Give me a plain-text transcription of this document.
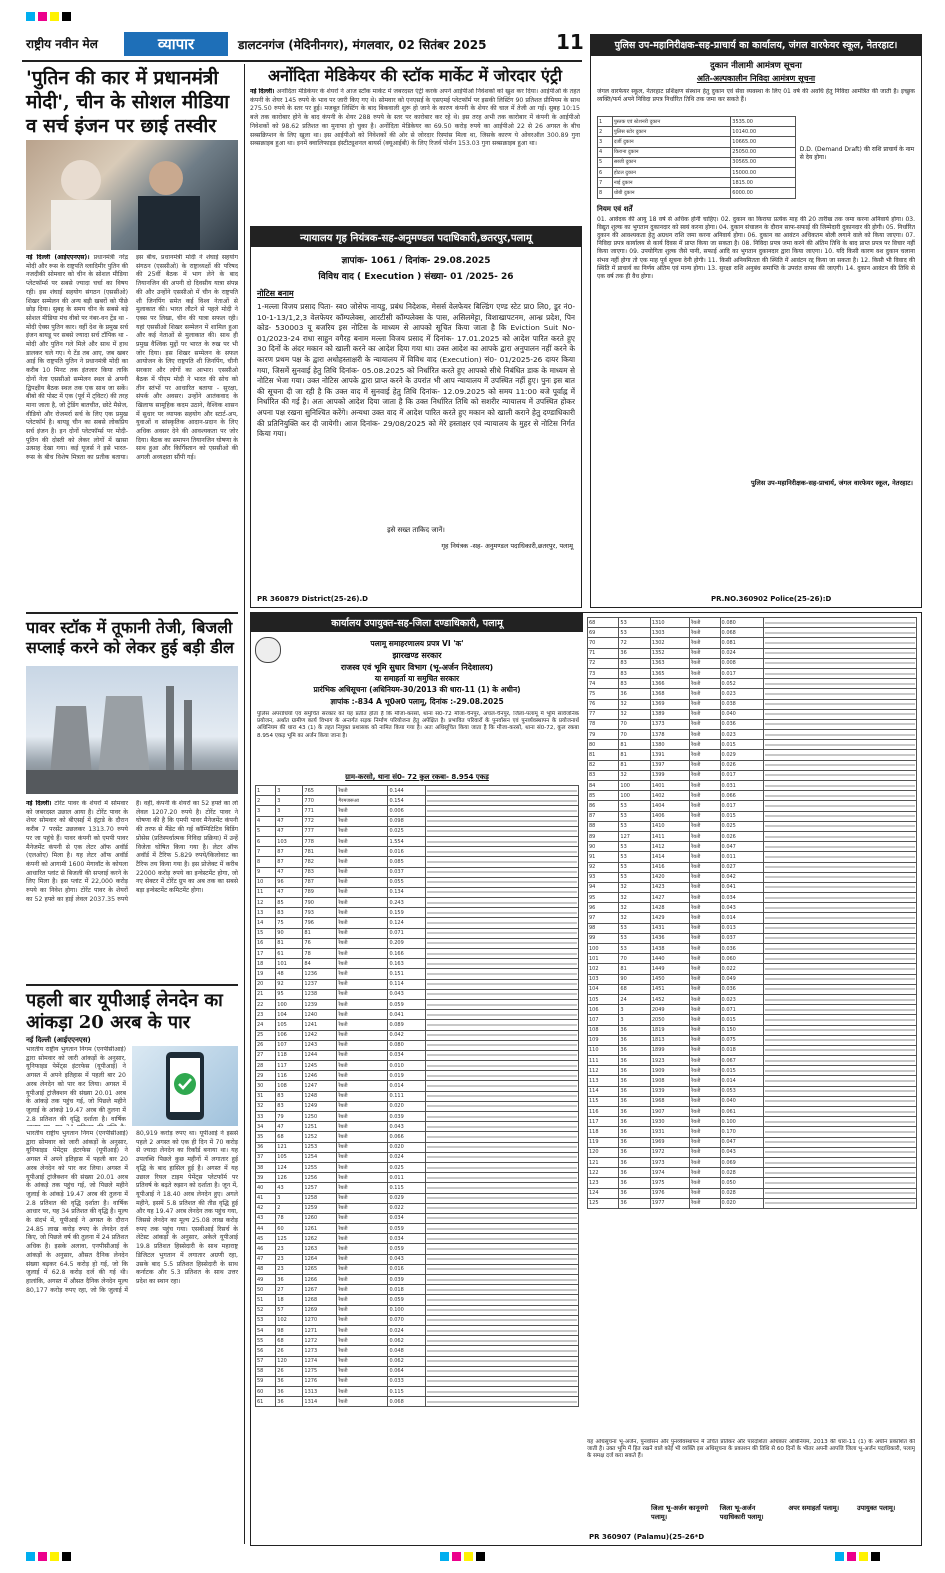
राष्ट्रीय नवीन मेल	व्यापार	डालटनगंज (मेदिनीनगर), मंगलवार, 02 सितंबर 2025	11
'पुतिन की कार में प्रधानमंत्री मोदी', चीन के सोशल मीडिया व सर्च इंजन पर छाई तस्वीर
नई दिल्ली (आईएएनएस)। प्रधानमंत्री नरेंद्र मोदी और रूस के राष्ट्रपति व्लादिमीर पुतिन की नजदीकी सोमवार को चीन के सोशल मीडिया प्लेटफॉर्म्स पर सबसे ज्यादा चर्चा का विषय रही। इस शंघाई सहयोग संगठन (एससीओ) शिखर सम्मेलन की अन्य बड़ी खबरों को पीछे छोड़ दिया। सुबह के समय चीन के सबसे बड़े सोशल मीडिया मंच वीबो पर नंबर-वन ट्रेंड था - मोदी ऐक्स पुतिन कार। वहीं देश के प्रमुख सर्च इंजन बायडू पर सबसे ज्यादा सर्च टॉपिक था - मोदी और पुतिन गले मिले और साथ में हाथ डालकर चले गए। ये टेंड तब आए, जब खबर आई कि राष्ट्रपति पुतिन ने प्रधानमंत्री मोदी का करीब 10 मिनट तक इंतजार किया ताकि दोनों नेता एससीओ सम्मेलन स्थल से अपनी द्विपक्षीय बैठक स्थल तक एक साथ जा सकें। बीबो की पोस्ट में एक (पूर्व में ट्विटर) की तरह माना जाता है, जो ट्रेडिंग बातचीत, छोटे मैसेज, वीडियो और रोजमर्रा सर्च के लिए एक प्रमुख प्लेटफॉर्म है। बायडू चीन का सबसे लोकप्रिय सर्च इंजन है। इन दोनों प्लेटफॉर्म्स पर मोदी-पुतिन की दोस्ती को लेकर लोगों में खासा उत्साह देखा गया। कई यूजर्स ने इसे भारत-रूस के बीच विशेष मित्रता का प्रतीक बताया। इस बीच, प्रधानमंत्री मोदी ने शंघाई सहयोग संगठन (एससीओ) के राष्ट्राध्यक्षों की परिषद की 25वीं बैठक में भाग लेने के बाद तियानजिन की अपनी दो दिवसीय यात्रा संपन्न की और उन्होंने एससीओ में चीन के राष्ट्रपति शी जिनपिंग समेत कई विश्व नेताओं से मुलाकात की। भारत लौटने से पहले मोदी ने एक्स पर लिखा, चीन की यात्रा सफल रही। यहां एससीओ शिखर सम्मेलन में शामिल हुआ और कई नेताओं से मुलाकात की। साथ ही प्रमुख वैश्विक मुद्दों पर भारत के रुख पर भी जोर दिया। इस शिखर सम्मेलन के सफल आयोजन के लिए राष्ट्रपति शी जिनपिंग, चीनी सरकार और लोगों का आभार। एससीओ बैठक में पीएम मोदी ने भारत की सोच को तीन स्तंभों पर आधारित बताया - सुरक्षा, संपर्क और अवसर। उन्होंने आतंकवाद के खिलाफ सामूहिक कदम उठाने, वैश्विक शासन में सुधार पर व्यापक सहयोग और स्टार्ट-अप, युवाओं व सांस्कृतिक आदान-प्रदान के लिए अधिक अवसर देने की आवश्यकता पर जोर दिया। बैठक का समापन तियानजिन घोषणा के साथ हुआ और किर्गिस्तान को एससीओ की अगली अध्यक्षता सौंपी गई।
पावर स्टॉक में तूफानी तेजी, बिजली सप्लाई करने को लेकर हुई बड़ी डील
नई दिल्ली। टोरेंट पावर के शेयरों में सोमवार को जबरदस्त उछाल आया है। टोरेंट पावर के शेयर सोमवार को बीएसई में इंट्राडे के दौरान करीब 7 परसेंट उछलकर 1313.70 रुपये पर जा पहुंचे हैं। पावर कंपनी को एमपी पावर मैनेजमेंट कंपनी से एक लेटर ऑफ अवॉर्ड (एलओए) मिला है। यह लेटर ऑफ अवॉर्ड कंपनी को आगामी 1600 मेगावॉट के कोयला आधारित प्लांट से बिजली की सप्लाई करने के लिए मिला है। इस प्लांट में 22,000 करोड़ रुपये का निवेश होगा। टोरेंट पावर के शेयरों का 52 हफ्ते का हाई लेवल 2037.35 रुपये है। वहीं, कंपनी के शेयरों का 52 हफ्ते का लो लेवल 1207.20 रुपये है। टोरेंट पावर ने घोषणा की है कि एमपी पावर मैनेजमेंट कंपनी की तरफ से मैंडेट की गई कॉम्पिटिटिव बिडिंग प्रोसेस (प्रतिस्पर्धात्मक निविदा प्रक्रिया) में उन्हें विजेता घोषित किया गया है। लेटर ऑफ अवॉर्ड में टैरिफ 5.829 रुपये/किलोवाट का टैरिफ तय किया गया है। इस प्रोजेक्ट में करीब 22000 करोड़ रुपये का इन्वेस्टमेंट होगा, जो नए सेक्टर में टोरेंट ग्रुप का अब तक का सबसे बड़ा इन्वेस्टमेंट कमिटमेंट होगा।
पहली बार यूपीआई लेनदेन का आंकड़ा 20 अरब के पार
नई दिल्ली (आईएएनएस)
भारतीय राष्ट्रीय भुगतान निगम (एनपीसीआई) द्वारा सोमवार को जारी आंकड़ों के अनुसार, यूनिफाइड पेमेंट्स इंटरफेस (यूपीआई) ने अगस्त में अपने इतिहास में पहली बार 20 अरब लेनदेन को पार कर लिया। अगस्त में यूपीआई ट्रांजैक्शन की संख्या 20.01 अरब के आंकड़े तक पहुंच गई, जो पिछले महीने जुलाई के आंकड़े 19.47 अरब की तुलना में 2.8 प्रतिशत की वृद्धि दर्शाता है। वार्षिक
भारतीय राष्ट्रीय भुगतान निगम (एनपीसीआई) द्वारा सोमवार को जारी आंकड़ों के अनुसार, यूनिफाइड पेमेंट्स इंटरफेस (यूपीआई) ने अगस्त में अपने इतिहास में पहली बार 20 अरब लेनदेन को पार कर लिया। अगस्त में यूपीआई ट्रांजैक्शन की संख्या 20.01 अरब के आंकड़े तक पहुंच गई, जो पिछले महीने जुलाई के आंकड़े 19.47 अरब की तुलना में 2.8 प्रतिशत की वृद्धि दर्शाता है। वार्षिक आधार पर, यह 34 प्रतिशत की वृद्धि है। मूल्य के संदर्भ में, यूपीआई ने अगस्त के दौरान 24.85 लाख करोड़ रुपए के लेनदेन दर्ज किए, जो पिछले वर्ष की तुलना में 24 प्रतिशत अधिक है। इसके अलावा, एनपीसीआई के आंकड़ों के अनुसार, औसत दैनिक लेनदेन संख्या बढ़कर 64.5 करोड़ हो गई, जो कि जुलाई में 62.8 करोड़ दर्ज की गई थी। हालांकि, अगस्त में औसत दैनिक लेनदेन मूल्य 80,177 करोड़ रुपए रहा, जो कि जुलाई में 80,919 करोड़ रुपए था। यूपीआई ने इससे पहले 2 अगस्त को एक ही दिन में 70 करोड़ से ज्यादा लेनदेन का रिकॉर्ड बनाया था। यह उपलब्धि पिछले कुछ महीनों में लगातार हुई वृद्धि के बाद हासिल हुई है। अगस्त में यह उछाल रियल टाइम पेमेंट्स प्लेटफॉर्म पर प्रतिवर्ष के बढ़ते रुझान को दर्शाता है। जून में, यूपीआई ने 18.40 अरब लेनदेन हुए। अगले महीने, इसमें 5.8 प्रतिशत की तीव्र वृद्धि हुई और यह 19.47 अरब लेनदेन तक पहुंच गया, जिससे लेनदेन का मूल्य 25.08 लाख करोड़ रुपए तक पहुंच गया। एसबीआई रिसर्च के लेटेस्ट आंकड़ों के अनुसार, अकेले यूपीआई 19.8 प्रतिशत हिस्सेदारी के साथ महाराष्ट्र डिजिटल भुगतान में लगातार अग्रणी रहा, उसके बाद 5.5 प्रतिशत हिस्सेदारी के साथ कर्नाटक और 5.3 प्रतिशत के साथ उत्तर प्रदेश का स्थान रहा।
अनोंदिता मेडिकेयर की स्टॉक मार्केट में जोरदार एंट्री
नई दिल्ली। अनोंदिता मेडिकेयर के शेयरों ने आज स्टॉक मार्केट में जबरदस्त एंट्री करके अपने आईपीओ निवेशकों को खुश कर दिया। आईपीओ के तहत कंपनी के शेयर 145 रुपये के भाव पर जारी किए गए थे। सोमवार को एनएसई के एसएमई प्लेटफॉर्म पर इसकी लिस्टिंग 90 प्रतिशत प्रीमियम के साथ 275.50 रुपये के स्तर पर हुई। मजबूत लिस्टिंग के बाद बिकवाली शुरू हो जाने के कारण कंपनी के शेयर की चाल में तेजी आ गई। सुबह 10:15 बजे तक कारोबार होने के बाद कंपनी के शेयर 288 रुपये के स्तर पर कारोबार कर रहे थे। इस तरह अभी तक कारोबार में कंपनी के आईपीओ निवेशकों को 98.62 प्रतिशत का मुनाफा हो चुका है। अनोंदिता मेडिकेयर का 69.50 करोड़ रुपये का आईपीओ 22 से 26 अगस्त के बीच सब्सक्रिप्शन के लिए खुला था। इस आईपीओ को निवेशकों की ओर से जोरदार रिस्पांस मिला था, जिसके कारण ये ओवरऑल 300.89 गुना सब्सक्राइब हुआ था। इनमें क्वालिफाइड इंस्टीट्यूशनल बायर्स (क्यूआईबी) के लिए रिजर्व पोर्शन 153.03 गुना सब्सक्राइब हुआ था।
न्यायालय गृह नियंत्रक-सह-अनुमण्डल पदाधिकारी,छतरपुर,पलामू
ज्ञापांक- 1061 / दिनांक- 29.08.2025
विविध वाद ( Execution ) संख्या- 01 /2025- 26
नोटिस बनाम
1-मल्ला विजय प्रसाद पिता- स्व0 जोसेफ नायडु, प्रबंध निदेशक, मेसर्स वेलफेयर बिल्डिंग एण्ड स्टेट प्रा0 लि0, डूर नं0- 10-1-13/1,2,3 वेलफेयर कॉम्पलेक्स, आरटीसी कॉम्पलेक्स के पास, असिलमेट्टा, विशाखापटनम, आन्ध्र प्रदेश, पिन कोड- 530003 यू बजरिय इस नोटिस के माध्यम से आपको सूचित किया जाता है कि Eviction Suit No- 01/2023-24 राधा साहुन वगैरह बनाम मल्ला विजय प्रसाद में दिनांक- 17.01.2025 को आदेश पारित करते हुए 30 दिनों के अंदर मकान को खाली करने का आदेश दिया गया था। उक्त आदेश का आपके द्वारा अनुपालन नहीं करने के कारण प्रथम पक्ष के द्वारा अधोहस्ताक्षरी के न्यायालय में विविध वाद (Execution) सं0- 01/2025-26 दायर किया गया, जिसमें सुनवाई हेतु तिथि दिनांक- 05.08.2025 को निर्धारित करते हुए आपको सीधे निबंधित डाक के माध्यम से नोटिस भेजा गया। उक्त नोटिस आपके द्वारा प्राप्त करने के उपरांत भी आप न्यायालय में उपस्थित नहीं हुए। पुनः इस बात की सूचना दी जा रही है कि उक्त वाद में सुनवाई हेतु तिथि दिनांक- 12.09.2025 को समय 11:00 बजे पूर्वाह्न में निर्धारित की गई है। अतः आपको आदेश दिया जाता है कि उक्त निर्धारित तिथि को सशरीर न्यायालय में उपस्थित होकर अपना पक्ष रखना सुनिश्चित करेंगे। अन्यथा उक्त वाद में आदेश पारित करते हुए मकान को खाली कराने हेतु दण्डाधिकारी की प्रतिनियुक्ति कर दी जायेगी। आज दिनांक- 29/08/2025 को मेरे हस्ताक्षर एवं न्यायालय के मुहर से नोटिस निर्गत किया गया।
इसे सख्त ताकिद जानें।
गृह नियंत्रक -सह- अनुमण्डल पदाधिकारी,छतरपुर, पलामू
PR 360879 District(25-26).D
पुलिस उप-महानिरीक्षक-सह-प्राचार्य का कार्यालय, जंगल वारफेयर स्कूल, नेतरहाट।
दुकान नीलामी आमंत्रण सूचना
अति-अल्पकालीन निविदा आमंत्रण सूचना
जंगल वारफेयर स्कूल, नेतरहाट प्रशिक्षण संस्थान हेतु दुकान एवं सेवा व्यवस्था के लिए 01 वर्ष की अवधि हेतु निविदा आमंत्रित की जाती है। इच्छुक व्यक्ति/फर्म अपने निविदा प्रपत्र निर्धारित तिथि तक जमा कर सकते हैं।
1	पुस्तक एवं स्टेशनरी दुकान	3535.00
2	पुलिस स्टोर दुकान	10140.00
3	दर्जी दुकान	10665.00
4	किराना दुकान	25050.00
5	सब्जी दुकान	30565.00
6	होटल दुकान	15000.00
7	नाई दुकान	1815.00
8	धोबी दुकान	6000.00
D.D. (Demand Draft) की राशि प्राचार्य के नाम से देय होगा।
नियम एवं शर्तें
01. आवेदक की आयु 18 वर्ष से अधिक होनी चाहिए। 02. दुकान का किराया प्रत्येक माह की 20 तारीख तक जमा करना अनिवार्य होगा। 03. विद्युत शुल्क का भुगतान दुकानदार को स्वयं करना होगा। 04. दुकान संचालन के दौरान साफ-सफाई की जिम्मेदारी दुकानदार की होगी। 05. निर्धारित दुकान की आवश्यकता हेतु अग्रधन राशि जमा करना अनिवार्य होगा। 06. दुकान का आवंटन अधिकतम बोली लगाने वाले को किया जाएगा। 07. निविदा प्रपत्र कार्यालय से कार्य दिवस में प्राप्त किया जा सकता है। 08. निविदा प्रपत्र जमा करने की अंतिम तिथि के बाद प्राप्त प्रपत्र पर विचार नहीं किया जाएगा। 09. उपयोगिता शुल्क जैसे पानी, सफाई आदि का भुगतान दुकानदार द्वारा किया जाएगा। 10. यदि किसी कारण वश दुकान चलाना संभव नहीं होगा तो एक माह पूर्व सूचना देनी होगी। 11. किसी अनियमितता की स्थिति में आवंटन रद्द किया जा सकता है। 12. किसी भी विवाद की स्थिति में प्राचार्य का निर्णय अंतिम एवं मान्य होगा। 13. सुरक्षा राशि अनुबंध समाप्ति के उपरांत वापस की जाएगी। 14. दुकान आवंटन की तिथि से एक वर्ष तक ही वैध होगा।
पुलिस उप-महानिरीक्षक-सह-प्राचार्य, जंगल वारफेयर स्कूल, नेतरहाट।
PR.NO.360902 Police(25-26):D
कार्यालय उपायुक्त-सह-जिला दण्डाधिकारी, पलामू
पलामू समाहरणालय प्रपत्र VI 'क'
झारखण्ड सरकार
राजस्व एवं भूमि सुधार विभाग (भू-अर्जन निदेशालय)
या समाहर्ता या समुचित सरकार
प्रारंभिक अधिसूचना (अधिनियम-30/2013 की धारा-11 (1) के अधीन)
ज्ञापांक :-834 A भू0अ0 पलामू, दिनांक :-29.08.2025
पुलिस अपराधियों एवं समुचित सरकार को यह प्रतीत होता है कि मौजा-करसो, थाना सं0-72 मौजा-चैनपुर, अंचल-चैनपुर, जिला-पलामू में भूमि सार्वजनिक प्रयोजन, अर्थात ग्रामीण कार्य विभाग के अन्तर्गत सड़क निर्माण परियोजना हेतु अपेक्षित है। प्रभावित परिवारों के पुनर्वासन एवं पुनर्व्यवस्थापन के प्रयोजनार्थ अधिनियम की धारा 43 (1) के तहत नियुक्त प्रशासक को नामित किया गया है। अतः अधिसूचित किया जाता है कि मौजा-करसो, थाना सं0-72, कुल रकबा 8.954 एकड़ भूमि का अर्जन किया जाना है।
ग्राम-करसो, थाना सं0- 72 कुल रकबा- 8.954 एकड़
1	3	765	रैयती	0.144	

2	3	770	गैरमजरूआ	0.154	

3	3	771	रैयती	0.006	

4	47	772	रैयती	0.098	

5	47	777	रैयती	0.025	

6	103	778	रैयती	1.554	

7	87	781	रैयती	0.016	

8	87	782	रैयती	0.085	

9	47	783	रैयती	0.037	

10	96	787	रैयती	0.055	

11	47	789	रैयती	0.134	

12	85	790	रैयती	0.243	

13	83	793	रैयती	0.159	

14	75	796	रैयती	0.124	

15	90	81	रैयती	0.071	

16	81	76	रैयती	0.209	

17	61	78	रैयती	0.166	

18	101	84	रैयती	0.163	

19	48	1236	रैयती	0.151	

20	92	1237	रैयती	0.114	

21	95	1238	रैयती	0.043	

22	100	1239	रैयती	0.059	

23	104	1240	रैयती	0.041	

24	105	1241	रैयती	0.089	

25	106	1242	रैयती	0.042	

26	107	1243	रैयती	0.080	

27	118	1244	रैयती	0.034	

28	117	1245	रैयती	0.010	

29	116	1246	रैयती	0.019	

30	108	1247	रैयती	0.014	

31	83	1248	रैयती	0.111	

32	83	1249	रैयती	0.020	

33	79	1250	रैयती	0.039	

34	47	1251	रैयती	0.043	

35	68	1252	रैयती	0.066	

36	121	1253	रैयती	0.020	

37	105	1254	रैयती	0.024	

38	124	1255	रैयती	0.025	

39	126	1256	रैयती	0.011	

40	43	1257	रैयती	0.115	

41	3	1258	रैयती	0.029	

42	2	1259	रैयती	0.022	

43	78	1260	रैयती	0.034	

44	60	1261	रैयती	0.059	

45	125	1262	रैयती	0.034	

46	23	1263	रैयती	0.059	

47	23	1264	रैयती	0.043	

48	23	1265	रैयती	0.016	

49	36	1266	रैयती	0.039	

50	27	1267	रैयती	0.018	

51	18	1268	रैयती	0.059	

52	57	1269	रैयती	0.100	

53	102	1270	रैयती	0.070	

54	98	1271	रैयती	0.024	

55	68	1272	रैयती	0.062	

56	26	1273	रैयती	0.048	

57	120	1274	रैयती	0.062	

58	26	1275	रैयती	0.064	

59	36	1276	रैयती	0.033	

60	36	1313	रैयती	0.115	

61	36	1314	रैयती	0.068	
68	53	1310	रैयती	0.080	

69	53	1303	रैयती	0.068	

70	72	1302	रैयती	0.081	

71	36	1352	रैयती	0.024	

72	83	1363	रैयती	0.008	

73	83	1365	रैयती	0.017	

74	83	1366	रैयती	0.052	

75	36	1368	रैयती	0.023	

76	32	1369	रैयती	0.038	

77	32	1389	रैयती	0.040	

78	70	1373	रैयती	0.036	

79	70	1378	रैयती	0.023	

80	81	1380	रैयती	0.015	

81	81	1391	रैयती	0.029	

82	81	1397	रैयती	0.026	

83	32	1399	रैयती	0.017	

84	100	1401	रैयती	0.031	

85	100	1402	रैयती	0.066	

86	53	1404	रैयती	0.017	

87	53	1406	रैयती	0.015	

88	53	1410	रैयती	0.025	

89	127	1411	रैयती	0.026	

90	53	1412	रैयती	0.047	

91	53	1414	रैयती	0.011	

92	53	1416	रैयती	0.027	

93	53	1420	रैयती	0.042	

94	32	1423	रैयती	0.041	

95	32	1427	रैयती	0.034	

96	32	1428	रैयती	0.043	

97	32	1429	रैयती	0.014	

98	53	1431	रैयती	0.013	

99	53	1436	रैयती	0.037	

100	53	1438	रैयती	0.036	

101	70	1440	रैयती	0.060	

102	81	1449	रैयती	0.022	

103	90	1450	रैयती	0.049	

104	68	1451	रैयती	0.036	

105	24	1452	रैयती	0.023	

106	3	2049	रैयती	0.071	

107	3	2050	रैयती	0.015	

108	36	1819	रैयती	0.150	

109	36	1813	रैयती	0.075	

110	36	1899	रैयती	0.018	

111	36	1923	रैयती	0.067	

112	36	1909	रैयती	0.015	

113	36	1908	रैयती	0.014	

114	36	1939	रैयती	0.053	

115	36	1968	रैयती	0.040	

116	36	1907	रैयती	0.061	

117	36	1930	रैयती	0.100	

118	36	1931	रैयती	0.170	

119	36	1969	रैयती	0.047	

120	36	1972	रैयती	0.043	

121	36	1973	रैयती	0.069	

122	36	1974	रैयती	0.028	

123	36	1975	रैयती	0.050	

124	36	1976	रैयती	0.028	

125	36	1977	रैयती	0.020	
यह अधिसूचना भू-अर्जन, पुनर्वासन और पुनर्व्यवस्थापन में उचित प्रतिकर और पारदर्शिता अधिकार अधिनियम, 2013 की धारा-11 (1) के अधीन प्रकाशित की जाती है। उक्त भूमि में हित रखने वाले कोई भी व्यक्ति इस अधिसूचना के प्रकाशन की तिथि से 60 दिनों के भीतर अपनी आपत्ति जिला भू-अर्जन पदाधिकारी, पलामू के समक्ष दर्ज करा सकते हैं।
जिला भू-अर्जन कानूनगो पलामू।
जिला भू-अर्जन पदाधिकारी पलामू।
अपर समाहर्ता पलामू।	उपायुक्त पलामू।
PR 360907 (Palamu)(25-26*D
